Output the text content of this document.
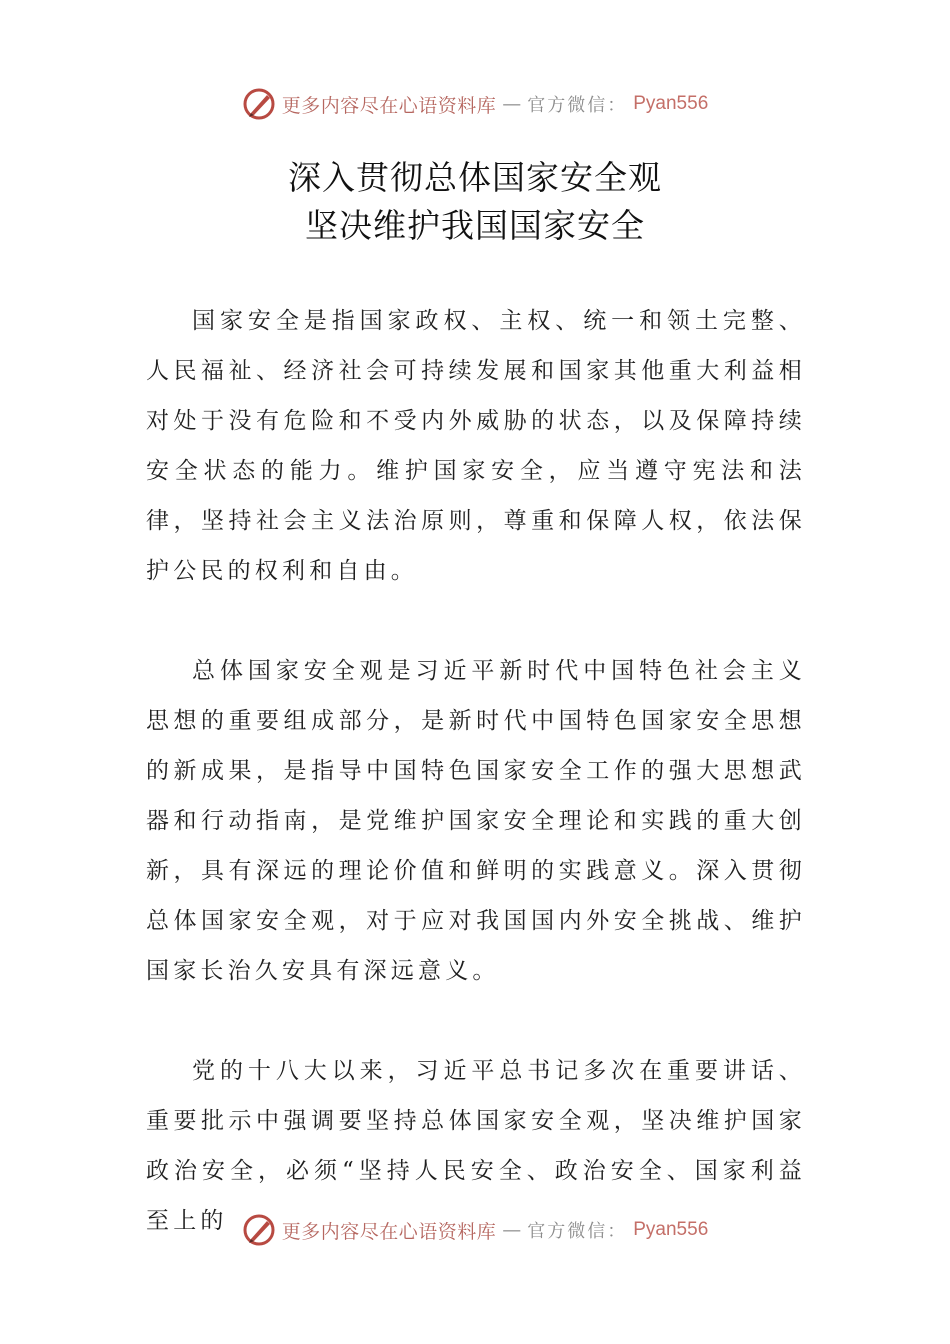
更多内容尽在心语资料库 — 官方微信： Pyan556
深入贯彻总体国家安全观
坚决维护我国国家安全

国家安全是指国家政权、主权、统一和领土完整、人民福祉、经济社会可持续发展和国家其他重大利益相对处于没有危险和不受内外威胁的状态，以及保障持续安全状态的能力。维护国家安全，应当遵守宪法和法律，坚持社会主义法治原则，尊重和保障人权，依法保护公民的权利和自由。

总体国家安全观是习近平新时代中国特色社会主义思想的重要组成部分，是新时代中国特色国家安全思想的新成果，是指导中国特色国家安全工作的强大思想武器和行动指南，是党维护国家安全理论和实践的重大创新，具有深远的理论价值和鲜明的实践意义。深入贯彻总体国家安全观，对于应对我国国内外安全挑战、维护国家长治久安具有深远意义。

党的十八大以来，习近平总书记多次在重要讲话、重要批示中强调要坚持总体国家安全观，坚决维护国家政治安全，必须“坚持人民安全、政治安全、国家利益至上的	更多内容尽在心语资料库 — 官方微信： Pyan556
